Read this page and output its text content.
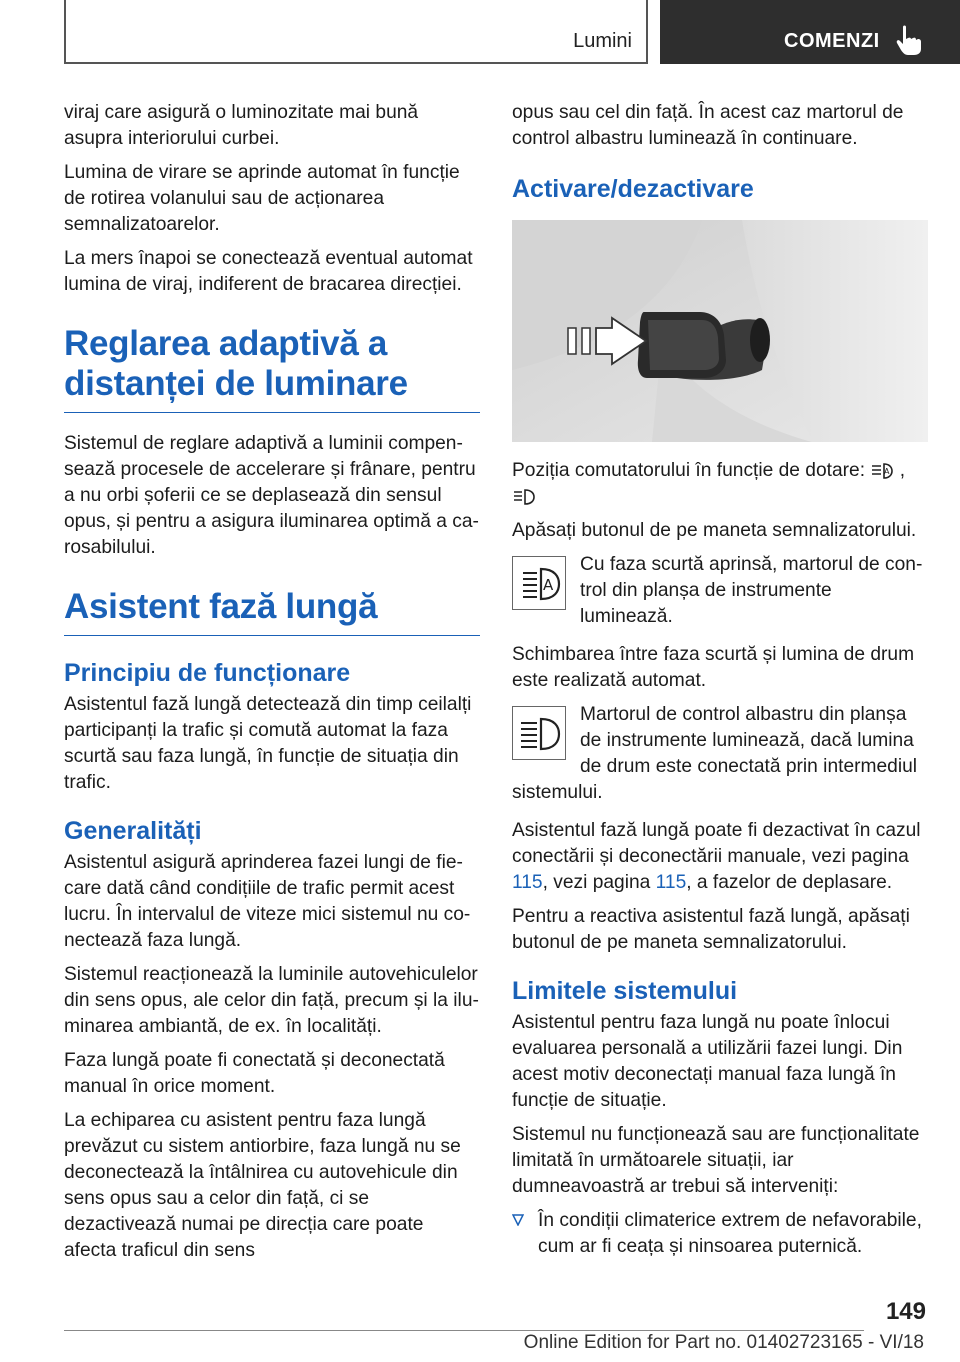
Lumini	COMENZI

viraj care asigură o luminozitate mai bună asupra interiorului curbei.

Lumina de virare se aprinde automat în funcție de rotirea volanului sau de acționarea semnalizatoarelor.

La mers înapoi se conectează eventual automat lumina de viraj, indiferent de bracarea direcției.

Reglarea adaptivă a distanței de luminare

Sistemul de reglare adaptivă a luminii compensează procesele de accelerare și frânare, pentru a nu orbi șoferii ce se deplasează din sensul opus, și pentru a asigura iluminarea optimă a carosabilului.

Asistent fază lungă
Principiu de funcționare

Asistentul fază lungă detectează din timp ceilalți participanți la trafic și comută automat la faza scurtă sau faza lungă, în funcție de situația din trafic.

Generalități

Asistentul asigură aprinderea fazei lungi de fiecare dată când condițiile de trafic permit acest lucru. În intervalul de viteze mici sistemul nu conectează faza lungă.

Sistemul reacționează la luminile autovehiculelor din sens opus, ale celor din față, precum și la iluminarea ambiantă, de ex. în localități.

Faza lungă poate fi conectată și deconectată manual în orice moment.

La echiparea cu asistent pentru faza lungă prevăzut cu sistem antiorbire, faza lungă nu se deconectează la întâlnirea cu autovehicule din sens opus sau a celor din față, ci se dezactivează numai pe direcția care poate afecta traficul din sens

opus sau cel din față. În acest caz martorul de control albastru luminează în continuare.

Activare/dezactivare

Poziția comutatorului în funcție de dotare: A ,

Apăsați butonul de pe maneta semnalizatorului.

A

Cu faza scurtă aprinsă, martorul de control din planșa de instrumente luminează.

Schimbarea între faza scurtă și lumina de drum este realizată automat.

Martorul de control albastru din planșa de instrumente luminează, dacă lumina de drum este conectată prin intermediul sistemului.

Asistentul fază lungă poate fi dezactivat în cazul conectării și deconectării manuale, vezi pagina 115, vezi pagina 115, a fazelor de deplasare.

Pentru a reactiva asistentul fază lungă, apăsați butonul de pe maneta semnalizatorului.

Limitele sistemului

Asistentul pentru faza lungă nu poate înlocui evaluarea personală a utilizării fazei lungi. Din acest motiv deconectați manual faza lungă în funcție de situație.

Sistemul nu funcționează sau are funcționalitate limitată în următoarele situații, iar dumneavoastră ar trebui să interveniți:

În condiții climaterice extrem de nefavorabile, cum ar fi ceața și ninsoarea puternică.
149
Online Edition for Part no. 01402723165 - VI/18
